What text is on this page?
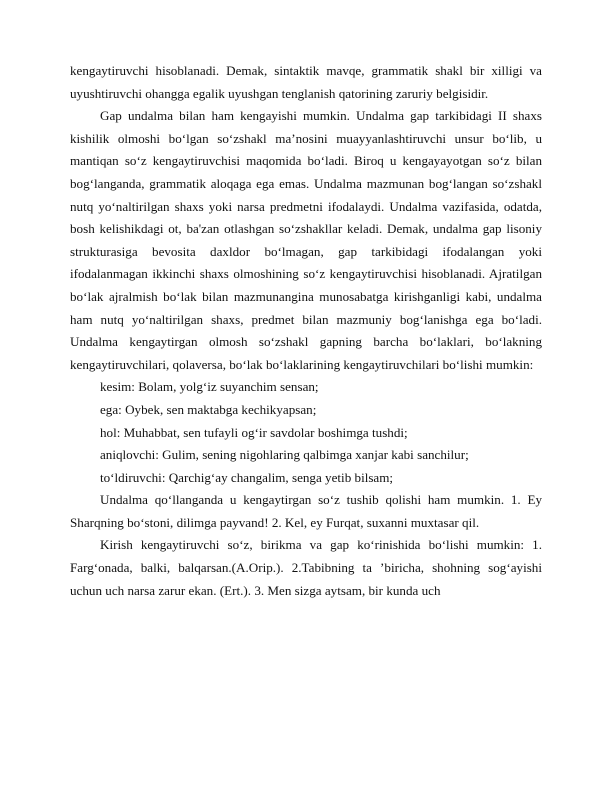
kengaytiruvchi hisoblanadi. Demak, sintaktik mavqe, grammatik shakl bir xilligi va uyushtiruvchi ohangga egalik uyushgan tenglanish qatorining zaruriy belgisidir.

Gap undalma bilan ham kengayishi mumkin. Undalma gap tarkibidagi II shaxs kishilik olmoshi bo‘lgan so‘zshakl ma’nosini muayyanlashtiruvchi unsur bo‘lib, u mantiqan so‘z kengaytiruvchisi maqomida bo‘ladi. Biroq u kengayayotgan so‘z bilan bog‘langanda, grammatik aloqaga ega emas. Undalma mazmunan bog‘langan so‘zshakl nutq yo‘naltirilgan shaxs yoki narsa predmetni ifodalaydi. Undalma vazifasida, odatda, bosh kelishikdagi ot, ba'zan otlashgan so‘zshakllar keladi. Demak, undalma gap lisoniy strukturasiga bevosita daxldor bo‘lmagan, gap tarkibidagi ifodalangan yoki ifodalanmagan ikkinchi shaxs olmoshining so‘z kengaytiruvchisi hisoblanadi. Ajratilgan bo‘lak ajralmish bo‘lak bilan mazmunangina munosabatga kirishganligi kabi, undalma ham nutq yo‘naltirilgan shaxs, predmet bilan mazmuniy bog‘lanishga ega bo‘ladi. Undalma kengaytirgan olmosh so‘zshakl gapning barcha bo‘laklari, bo‘lakning kengaytiruvchilari, qolaversa, bo‘lak bo‘laklarining kengaytiruvchilari bo‘lishi mumkin:

kesim: Bolam, yolg‘iz suyanchim sensan;

ega: Oybek, sen maktabga kechikyapsan;

hol: Muhabbat, sen tufayli og‘ir savdolar boshimga tushdi;

aniqlovchi: Gulim, sening nigohlaring qalbimga xanjar kabi sanchilur;

to‘ldiruvchi: Qarchig‘ay changalim, senga yetib bilsam;

Undalma qo‘llanganda u kengaytirgan so‘z tushib qolishi ham mumkin. 1. Ey Sharqning bo‘stoni, dilimga payvand! 2. Kel, ey Furqat, suxanni muxtasar qil.

Kirish kengaytiruvchi so‘z, birikma va gap ko‘rinishida bo‘lishi mumkin: 1. Farg‘onada, balki, balqarsan.(A.Orip.). 2.Tabibning ta ’biricha, shohning sog‘ayishi uchun uch narsa zarur ekan. (Ert.). 3. Men sizga aytsam, bir kunda uch
